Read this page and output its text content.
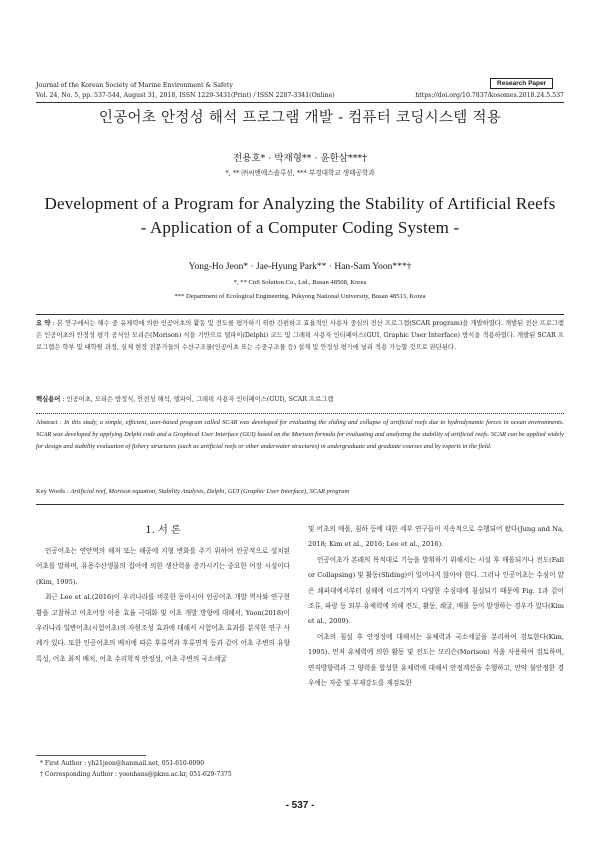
Journal of the Korean Society of Marine Environment & Safety	Research Paper
Vol. 24, No. 5, pp. 537-544, August 31, 2018, ISSN 1229-3431(Print) / ISSN 2287-3341(Online)	https://doi.org/10.7837/kosomes.2018.24.5.537
인공어초 안정성 해석 프로그램 개발 - 컴퓨터 코딩시스템 적용
전용호* · 박재형** · 윤한삼***†
*, ** ㈜씨엔에스솔루션, *** 부경대학교 생태공학과
Development of a Program for Analyzing the Stability of Artificial Reefs
- Application of a Computer Coding System -
Yong-Ho Jeon* · Jae-Hyung Park** · Han-Sam Yoon***†
*, ** CnS Solution Co., Ltd., Busan 48508, Korea
*** Department of Ecological Engineering, Pukyong National University, Busan 48513, Korea
요 약 : 본 연구에서는 해수 중 유체력에 의한 인공어초의 활동 및 전도를 평가하기 위한 간편하고 효율적인 사용자 중심의 전산 프로그램(SCAR program)을 개발하였다. 개발된 전산 프로그램은 인공어초의 안정성 평가 공식인 모리슨(Morison) 식을 기반으로 델파이(Delphi) 코드 및 그래픽 사용자 인터페이스(GUI, Graphic User Interface) 방식을 적용하였다. 개발된 SCAR 프로그램은 학부 및 대학원 과정, 실제 현장 전문가들의 수산구조물(인공어초 또는 수중구조물 등) 설계 및 안정성 평가에 널리 적용 가능할 것으로 판단된다.
핵심용어 : 인공어초, 모리슨 방정식, 안전성 해석, 델파이, 그래픽 사용자 인터페이스(GUI), SCAR 프로그램
Abstract : In this study, a simple, efficient, user-based program called SCAR was developed for evaluating the sliding and collapse of artificial reefs due to hydrodynamic forces in ocean environments. SCAR was developed by applying Delphi code and a Graphical User Interface (GUI) based on the Morison formula for evaluating and analyzing the stability of artificial reefs. SCAR can be applied widely for design and stability evaluation of fishery structures (such as artificial reefs or other underwater structures) in undergraduate and graduate courses and by experts in the field.
Key Words : Artificial reef, Morison equation, Stability Analysis, Delphi, GUI (Graphic User Interface), SCAR program
1. 서 론

인공어초는 연안역의 해저 또는 해중에 지형 변화를 주기 위하여 인공적으로 설치된 어초를 말하며, 유용수산생물의 집어에 의한 생산력을 증가시키는 중요한 어장 시설이다(Kim, 1995).

최근 Lee et al.(2016)이 우리나라를 비롯한 동아시아 인공어초 개발 역사와 연구현황을 고찰하고 어초어장 이용 효율 극대화 및 어초 개발 방향에 대해서, Yoon(2018)이 우리나라 일반어초(시험어초)의 자원조성 효과에 대해서 시험어초 효과를 분석한 연구 사례가 있다. 또한 인공어초의 배치에 따른 후류역과 후류면적 등과 같이 어초 주변의 유향특성, 어초 최적 배치, 어초 수리학적 안정성, 어초 주변의 국소세굴

* First Author : yh21jeon@hanmail.net, 051-610-0090
† Corresponding Author : yoonhans@pknu.ac.kr, 051-629-7375

및 어초의 매몰, 침하 등에 대한 세부 연구들이 지속적으로 수행되어 왔다(Jung and Na, 2018; Kim et al., 2016; Lee et al., 2016).

인공어초가 본래의 목적대로 기능을 발휘하기 위해서는 시설 후 매몰되거나 전도(Fall or Collapsing) 및 활동(Sliding)이 일어나지 않아야 한다. 그러나 인공어초는 수심이 얕은 쇄파대에서부터 심해에 이르기까지 다양한 수심대에 침설되기 때문에 Fig. 1과 같이 조류, 파랑 등 외부 유체력에 의해 전도, 활동, 쇄굴, 매몰 등이 발생하는 경우가 있다(Kim et al., 2009).

어초의 침설 후 안정성에 대해서는 유체력과 국소세굴을 분리하여 검토한다(Kim, 1995). 먼저 유체력에 의한 활동 및 전도는 모리슨(Morison) 식을 사용하여 검토하며, 연직방향력과 그 양력을 합성한 유체력에 대해서 안정계산을 수행하고, 만약 불안정한 경우에는 자중 및 부재강도를 재검토한

- 537 -
